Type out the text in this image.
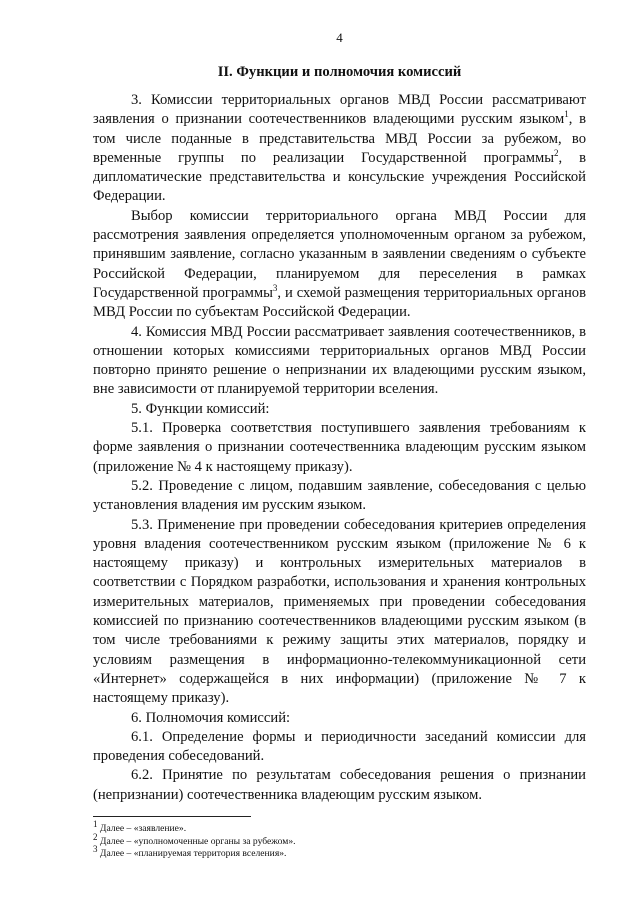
4
II. Функции и полномочия комиссий

3. Комиссии территориальных органов МВД России рассматривают заявления о признании соотечественников владеющими русским языком$^1$, в том числе поданные в представительства МВД России за рубежом, во временные группы по реализации Государственной программы$^2$, в дипломатические представительства и консульские учреждения Российской Федерации.

Выбор комиссии территориального органа МВД России для рассмотрения заявления определяется уполномоченным органом за рубежом, принявшим заявление, согласно указанным в заявлении сведениям о субъекте Российской Федерации, планируемом для переселения в рамках Государственной программы$^3$, и схемой размещения территориальных органов МВД России по субъектам Российской Федерации.

4. Комиссия МВД России рассматривает заявления соотечественников, в отношении которых комиссиями территориальных органов МВД России повторно принято решение о непризнании их владеющими русским языком, вне зависимости от планируемой территории вселения.

5. Функции комиссий:

5.1. Проверка соответствия поступившего заявления требованиям к форме заявления о признании соотечественника владеющим русским языком (приложение № 4 к настоящему приказу).

5.2. Проведение с лицом, подавшим заявление, собеседования с целью установления владения им русским языком.

5.3. Применение при проведении собеседования критериев определения уровня владения соотечественником русским языком (приложение № 6 к настоящему приказу) и контрольных измерительных материалов в соответствии с Порядком разработки, использования и хранения контрольных измерительных материалов, применяемых при проведении собеседования комиссией по признанию соотечественников владеющими русским языком (в том числе требованиями к режиму защиты этих материалов, порядку и условиям размещения в информационно-телекоммуникационной сети «Интернет» содержащейся в них информации) (приложение № 7 к настоящему приказу).

6. Полномочия комиссий:

6.1. Определение формы и периодичности заседаний комиссии для проведения собеседований.

6.2. Принятие по результатам собеседования решения о признании (непризнании) соотечественника владеющим русским языком.

$^1$ Далее – «заявление».

$^2$ Далее – «уполномоченные органы за рубежом».

$^3$ Далее – «планируемая территория вселения».
